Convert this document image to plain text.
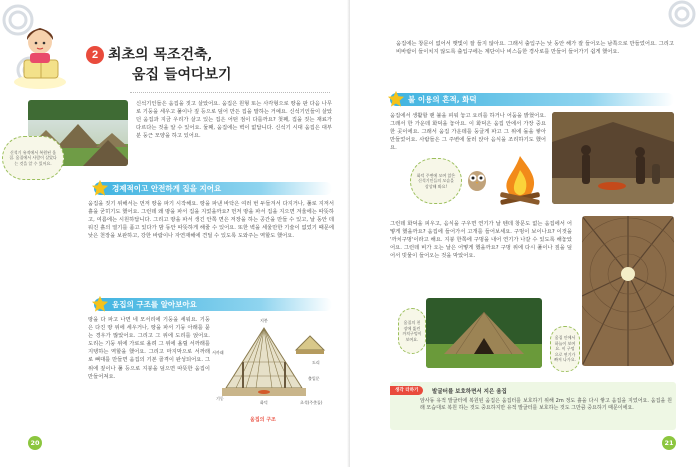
2 최초의 목조건축,
움집 들여다보기
신석기 유적에서 복원된 움집. 움집에서 사람이 살았다는 것을 알 수 있어요.
신석기인들은 움집을 짓고 살았어요. 움집은 원형 또는 사각형으로 땅을 판 다음 나무로 기둥을 세우고 풀이나 짚 등으로 덮어 만든 집을 말하는 거예요. 신석기인들이 살았던 움집과 지금 우리가 살고 있는 집은 어떤 점이 다를까요? 첫째, 집을 짓는 재료가 다르다는 것을 알 수 있어요. 둘째, 움집에는 벽이 없답니다. 신석기 시대 움집은 대부분 둥근 모양을 하고 있어요.
경제적이고 안전하게 집을 지어요
움집을 짓기 위해서는 먼저 땅을 파기 시작해요. 땅을 파낸 바닥은 여러 번 두들겨서 다지거나, 풀로 지저서 흙을 굳히기도 했어요. 그런데 왜 땅을 파서 집을 지었을까요? 먼저 땅을 파서 집을 지으면 겨울에는 따뜻하고, 여름에는 시원하답니다. 그리고 땅을 파서 생긴 안쪽 면은 저장을 하는 공간을 만들 수 있고, 날 동안 데워진 흙의 열기를 품고 있다가 밤 동안 따뜻하게 해줄 수 있어요. 또한 벽을 세울만한 기술이 없었기 때문에 낮은 천장을 보완하고, 강한 바람이나 자연재해에 견딜 수 있도록 도와주는 역할도 했어요.
움집의 구조를 알아보아요
땅을 다 파고 나면 네 모서리에 기둥을 세워요. 기둥은 다진 땅 위에 세우거나, 땅을 파서 기둥 아래를 묻는 경우가 많았어요. 그리고 그 위에 도리를 얹어요. 도리는 기둥 위에 가로로 올려 그 위에 올릴 서까래를 지탱하는 역할을 했어요. 그리고 마지막으로 서까래로 뼈대를 만들면 움집의 기본 골격이 완성되어요. 그 위에 짚이나 풀 등으로 지붕을 덮으면 따뜻한 움집이 만들어져요.
지붕
서까래
기둥
도리
화덕	초석(주춧돌)
출입문
움집의 구조
20
움집에는 창문이 없어서 햇빛이 잘 들지 않아요. 그래서 출입구는 낮 동안 해가 잘 들어오는 남쪽으로 만들었어요. 그리고 비바람이 들이치지 않도록 출입구에는 계단이나 비스듬한 경사로를 만들어 들어가기 쉽게 했어요.
불 이용의 흔적, 화덕
움집에서 생활할 땐 불을 피워 놓고 요리를 하거나 어둠을 밝혔어요. 그래서 한 가운데 화덕을 놓아요. 이 화덕은 움집 안에서 가장 중요한 곳이에요. 그래서 움집 가운데를 둥글게 파고 그 위에 돌을 쌓아 만들었어요. 사람들은 그 주변에 둘러 앉아 음식을 조리하기도 했어요.
화덕 주변에 모여 앉은 신석기인들의 모습을 상상해 봐요!
그런데 화덕을 피우고, 음식을 구우면 연기가 날 텐데 창문도 없는 움집에서 어떻게 했을까요? 움집에 들어가서 고개를 들어보세요. 구멍이 보이나요? 이것을 '까치구멍'이라고 해요. 지붕 한쪽에 구멍을 내어 연기가 나갈 수 있도록 해놓았어요. 그런데 비가 오는 날은 어떻게 했을까요? 구멍 위에 다시 풀이나 짚을 덮어서 빗물이 들어오는 것을 막았어요.
움집의 천장에 뚫린 까치구멍이 보여요.	움집 안에서 하늘이 보여요. 이 구멍으로 연기가 빠져 나가요.
생각 더하기	발굴터를 보호하면서 지은 움집
암사동 유적 발굴터에 복원된 움집은 움집터를 보호하기 위해 2m 정도 흙을 다시 쌓고 움집을 지었어요. 움집을 원래 모습대로 복원 하는 것도 중요하지만 유적 발굴터를 보호하는 것도 그만큼 중요하기 때문이에요.
21
